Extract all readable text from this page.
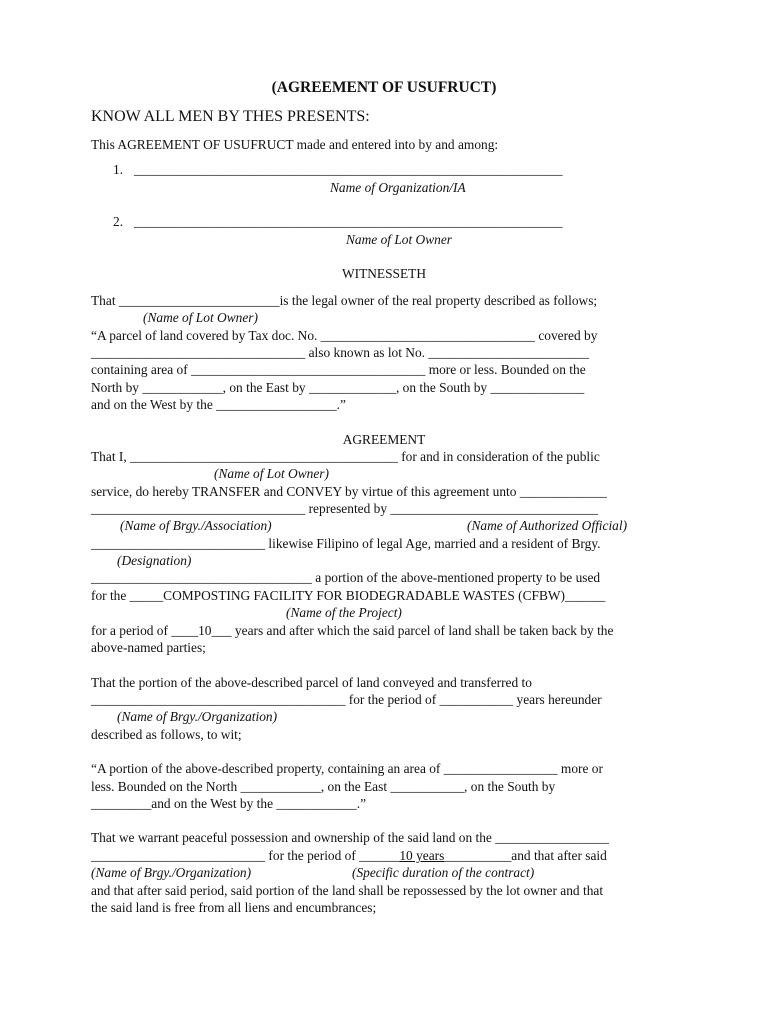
(AGREEMENT OF USUFRUCT)
KNOW ALL MEN BY THES PRESENTS:
This AGREEMENT OF USUFRUCT made and entered into by and among:
1. ________________________________________________________________
Name of Organization/IA
2. ________________________________________________________________
Name of Lot Owner
WITNESSETH
That ________________________is the legal owner of the real property described as follows;
(Name of Lot Owner)
“A parcel of land covered by Tax doc. No. ________________________________ covered by
________________________________ also known as lot No. ________________________
containing area of ___________________________________ more or less. Bounded on the
North by ____________, on the East by _____________, on the South by ______________
and on the West by the __________________.”
AGREEMENT
That I, ________________________________________ for and in consideration of the public
(Name of Lot Owner)
service, do hereby TRANSFER and CONVEY by virtue of this agreement unto _____________
________________________________ represented by _______________________________
(Name of Brgy./Association)	(Name of Authorized Official)
__________________________ likewise Filipino of legal Age, married and a resident of Brgy.
(Designation)
_________________________________ a portion of the above-mentioned property to be used
for the _____COMPOSTING FACILITY FOR BIODEGRADABLE WASTES (CFBW)______
(Name of the Project)
for a period of ____10___ years and after which the said parcel of land shall be taken back by the
above-named parties;
That the portion of the above-described parcel of land conveyed and transferred to
______________________________________ for the period of ___________ years hereunder
(Name of Brgy./Organization)
described as follows, to wit;
“A portion of the above-described property, containing an area of _________________ more or
less. Bounded on the North ____________, on the East ___________, on the South by
_________and on the West by the ____________.”
That we warrant peaceful possession and ownership of the said land on the _________________
__________________________ for the period of ______10 years__________and that after said
(Name of Brgy./Organization)	(Specific duration of the contract)
and that after said period, said portion of the land shall be repossessed by the lot owner and that
the said land is free from all liens and encumbrances;
